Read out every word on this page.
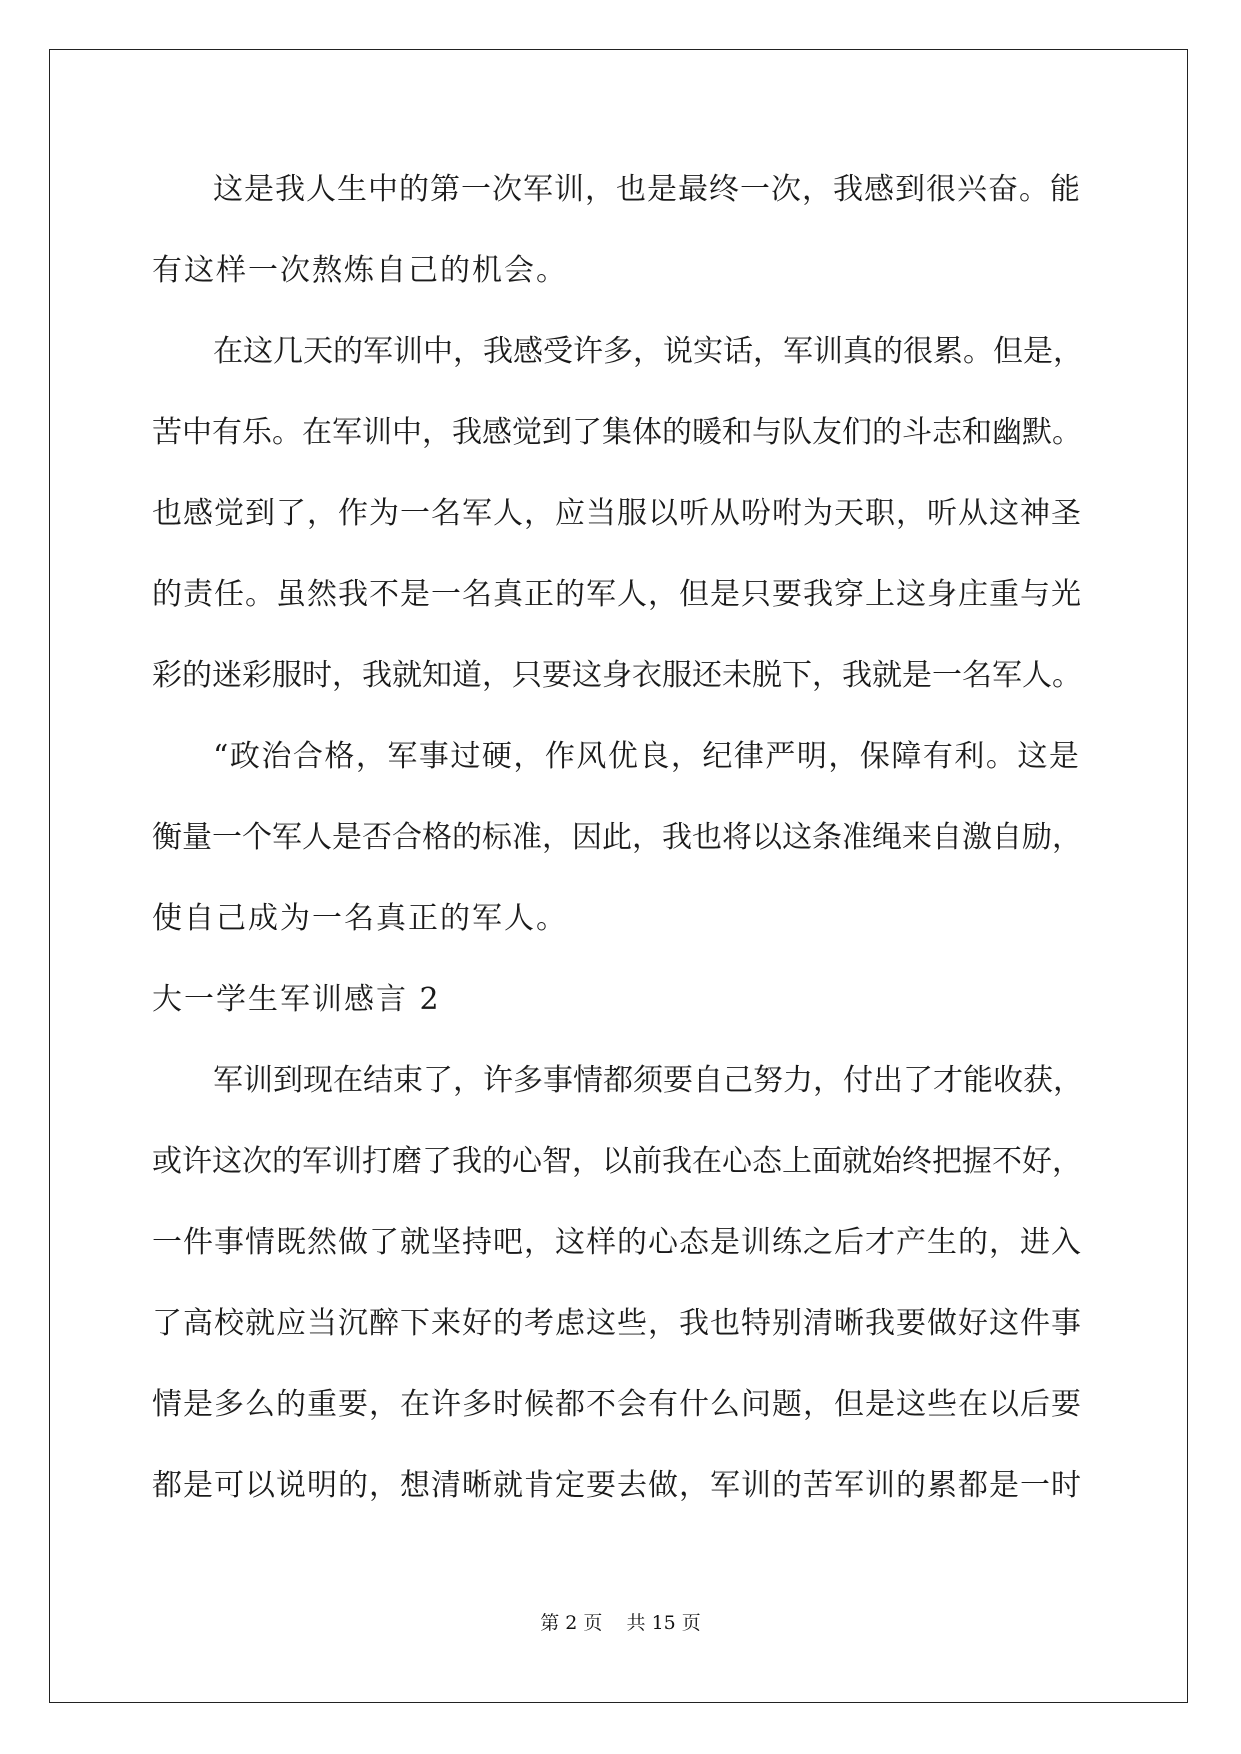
这是我人生中的第一次军训，也是最终一次，我感到很兴奋。能
有这样一次熬炼自己的机会。
在这几天的军训中，我感受许多，说实话，军训真的很累。但是，
苦中有乐。在军训中，我感觉到了集体的暖和与队友们的斗志和幽默。
也感觉到了，作为一名军人，应当服以听从吩咐为天职，听从这神圣
的责任。虽然我不是一名真正的军人，但是只要我穿上这身庄重与光
彩的迷彩服时，我就知道，只要这身衣服还未脱下，我就是一名军人。
“政治合格，军事过硬，作风优良，纪律严明，保障有利。这是
衡量一个军人是否合格的标准，因此，我也将以这条准绳来自激自励，
使自己成为一名真正的军人。
大一学生军训感言 2
军训到现在结束了，许多事情都须要自己努力，付出了才能收获，
或许这次的军训打磨了我的心智，以前我在心态上面就始终把握不好，
一件事情既然做了就坚持吧，这样的心态是训练之后才产生的，进入
了高校就应当沉醉下来好的考虑这些，我也特别清晰我要做好这件事
情是多么的重要，在许多时候都不会有什么问题，但是这些在以后要
都是可以说明的，想清晰就肯定要去做，军训的苦军训的累都是一时
第 2 页    共 15 页
